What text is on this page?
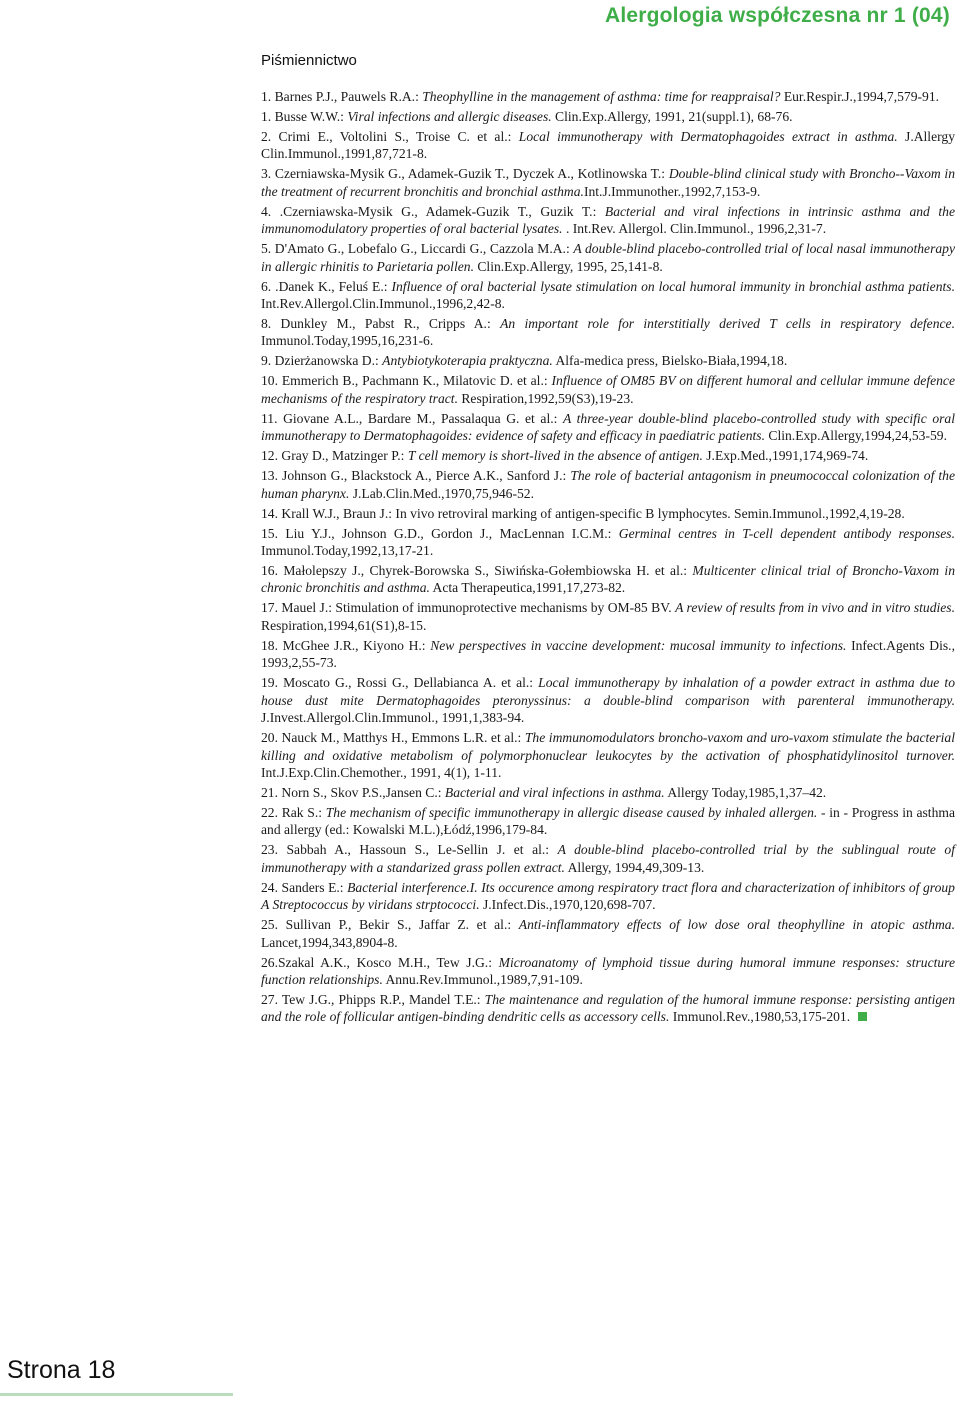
Alergologia współczesna nr 1 (04)
Piśmiennictwo
1. Barnes P.J., Pauwels R.A.: Theophylline in the management of asthma: time for reappraisal? Eur.Respir.J.,1994,7,579-91.
1. Busse W.W.: Viral infections and allergic diseases. Clin.Exp.Allergy, 1991, 21(suppl.1), 68-76.
2. Crimi E., Voltolini S., Troise C. et al.: Local immunotherapy with Dermatophagoides extract in asthma. J.Allergy Clin.Immunol.,1991,87,721-8.
3. Czerniawska-Mysik G., Adamek-Guzik T., Dyczek A., Kotlinowska T.: Double-blind clinical study with Broncho--Vaxom in the treatment of recurrent bronchitis and bronchial asthma.Int.J.Immunother.,1992,7,153-9.
4. .Czerniawska-Mysik G., Adamek-Guzik T., Guzik T.: Bacterial and viral infections in intrinsic asthma and the immunomodulatory properties of oral bacterial lysates. . Int.Rev. Allergol. Clin.Immunol., 1996,2,31-7.
5. D'Amato G., Lobefalo G., Liccardi G., Cazzola M.A.: A double-blind placebo-controlled trial of local nasal immunotherapy in allergic rhinitis to Parietaria pollen. Clin.Exp.Allergy, 1995, 25,141-8.
6. .Danek K., Feluś E.: Influence of oral bacterial lysate stimulation on local humoral immunity in bronchial asthma patients. Int.Rev.Allergol.Clin.Immunol.,1996,2,42-8.
8. Dunkley M., Pabst R., Cripps A.: An important role for interstitially derived T cells in respiratory defence. Immunol.Today,1995,16,231-6.
9. Dzierżanowska D.: Antybiotykoterapia praktyczna. Alfa-medica press, Bielsko-Biała,1994,18.
10. Emmerich B., Pachmann K., Milatovic D. et al.: Influence of OM85 BV on different humoral and cellular immune defence mechanisms of the respiratory tract. Respiration,1992,59(S3),19-23.
11. Giovane A.L., Bardare M., Passalaqua G. et al.: A three-year double-blind placebo-controlled study with specific oral immunotherapy to Dermatophagoides: evidence of safety and efficacy in paediatric patients. Clin.Exp.Allergy,1994,24,53-59.
12. Gray D., Matzinger P.: T cell memory is short-lived in the absence of antigen. J.Exp.Med.,1991,174,969-74.
13. Johnson G., Blackstock A., Pierce A.K., Sanford J.: The role of bacterial antagonism in pneumococcal colonization of the human pharynx. J.Lab.Clin.Med.,1970,75,946-52.
14. Krall W.J., Braun J.: In vivo retroviral marking of antigen-specific B lymphocytes. Semin.Immunol.,1992,4,19-28.
15. Liu Y.J., Johnson G.D., Gordon J., MacLennan I.C.M.: Germinal centres in T-cell dependent antibody responses. Immunol.Today,1992,13,17-21.
16. Małolepszy J., Chyrek-Borowska S., Siwińska-Gołembiowska H. et al.: Multicenter clinical trial of Broncho-Vaxom in chronic bronchitis and asthma. Acta Therapeutica,1991,17,273-82.
17. Mauel J.: Stimulation of immunoprotective mechanisms by OM-85 BV. A review of results from in vivo and in vitro studies. Respiration,1994,61(S1),8-15.
18. McGhee J.R., Kiyono H.: New perspectives in vaccine development: mucosal immunity to infections. Infect.Agents Dis., 1993,2,55-73.
19. Moscato G., Rossi G., Dellabianca A. et al.: Local immunotherapy by inhalation of a powder extract in asthma due to house dust mite Dermatophagoides pteronyssinus: a double-blind comparison with parenteral immunotherapy. J.Invest.Allergol.Clin.Immunol., 1991,1,383-94.
20. Nauck M., Matthys H., Emmons L.R. et al.: The immunomodulators broncho-vaxom and uro-vaxom stimulate the bacterial killing and oxidative metabolism of polymorphonuclear leukocytes by the activation of phosphatidylinositol turnover. Int.J.Exp.Clin.Chemother., 1991, 4(1), 1-11.
21. Norn S., Skov P.S.,Jansen C.: Bacterial and viral infections in asthma. Allergy Today,1985,1,37–42.
22. Rak S.: The mechanism of specific immunotherapy in allergic disease caused by inhaled allergen. - in - Progress in asthma and allergy (ed.: Kowalski M.L.),Łódź,1996,179-84.
23. Sabbah A., Hassoun S., Le-Sellin J. et al.: A double-blind placebo-controlled trial by the sublingual route of immunotherapy with a standarized grass pollen extract. Allergy, 1994,49,309-13.
24. Sanders E.: Bacterial interference.I. Its occurence among respiratory tract flora and characterization of inhibitors of group A Streptococcus by viridans strptococci. J.Infect.Dis.,1970,120,698-707.
25. Sullivan P., Bekir S., Jaffar Z. et al.: Anti-inflammatory effects of low dose oral theophylline in atopic asthma. Lancet,1994,343,8904-8.
26.Szakal A.K., Kosco M.H., Tew J.G.: Microanatomy of lymphoid tissue during humoral immune responses: structure function relationships. Annu.Rev.Immunol.,1989,7,91-109.
27. Tew J.G., Phipps R.P., Mandel T.E.: The maintenance and regulation of the humoral immune response: persisting antigen and the role of follicular antigen-binding dendritic cells as accessory cells. Immunol.Rev.,1980,53,175-201.
Strona 18
